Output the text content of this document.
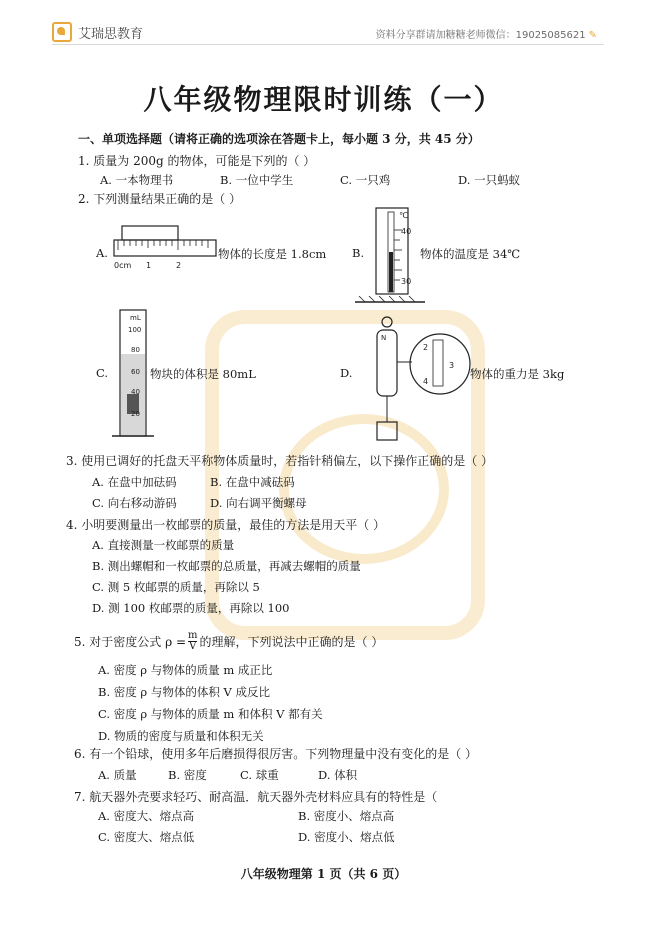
艾瑞思教育	资料分享群请加糖糖老师微信：19025085621 ✎
八年级物理限时训练（一）
一、单项选择题（请将正确的选项涂在答题卡上，每小题 3 分，共 45 分）
1. 质量为 200g 的物体，可能是下列的（ ）
A. 一本物理书	B. 一位中学生	C. 一只鸡	D. 一只蚂蚁
2. 下列测量结果正确的是（ ）
A.
0cm 1	2
物体的长度是 1.8cm B.
℃
40
30
物体的温度是 34℃
C.
mL
100
80
60
40
20
物块的体积是 80mL	D.
N
2
3
4
物体的重力是 3kg
3. 使用已调好的托盘天平称物体质量时，若指针稍偏左，以下操作正确的是（ ）
A. 在盘中加砝码	B. 在盘中减砝码
C. 向右移动游码	D. 向右调平衡螺母
4. 小明要测量出一枚邮票的质量，最佳的方法是用天平（ ）
A. 直接测量一枚邮票的质量
B. 测出螺帽和一枚邮票的总质量，再减去螺帽的质量
C. 测 5 枚邮票的质量，再除以 5
D. 测 100 枚邮票的质量，再除以 100
5. 对于密度公式 $\rho = \frac{m}{V}$ 的理解，下列说法中正确的是（ ）
A. 密度 ρ 与物体的质量 m 成正比
B. 密度 ρ 与物体的体积 V 成反比
C. 密度 ρ 与物体的质量 m 和体积 V 都有关
D. 物质的密度与质量和体积无关
6. 有一个铅球，使用多年后磨损得很厉害。下列物理量中没有变化的是（ ）
A. 质量	B. 密度	C. 球重	D. 体积
7. 航天器外壳要求轻巧、耐高温．航天器外壳材料应具有的特性是（
A. 密度大、熔点高	B. 密度小、熔点高
C. 密度大、熔点低	D. 密度小、熔点低
八年级物理第 1 页（共 6 页）
